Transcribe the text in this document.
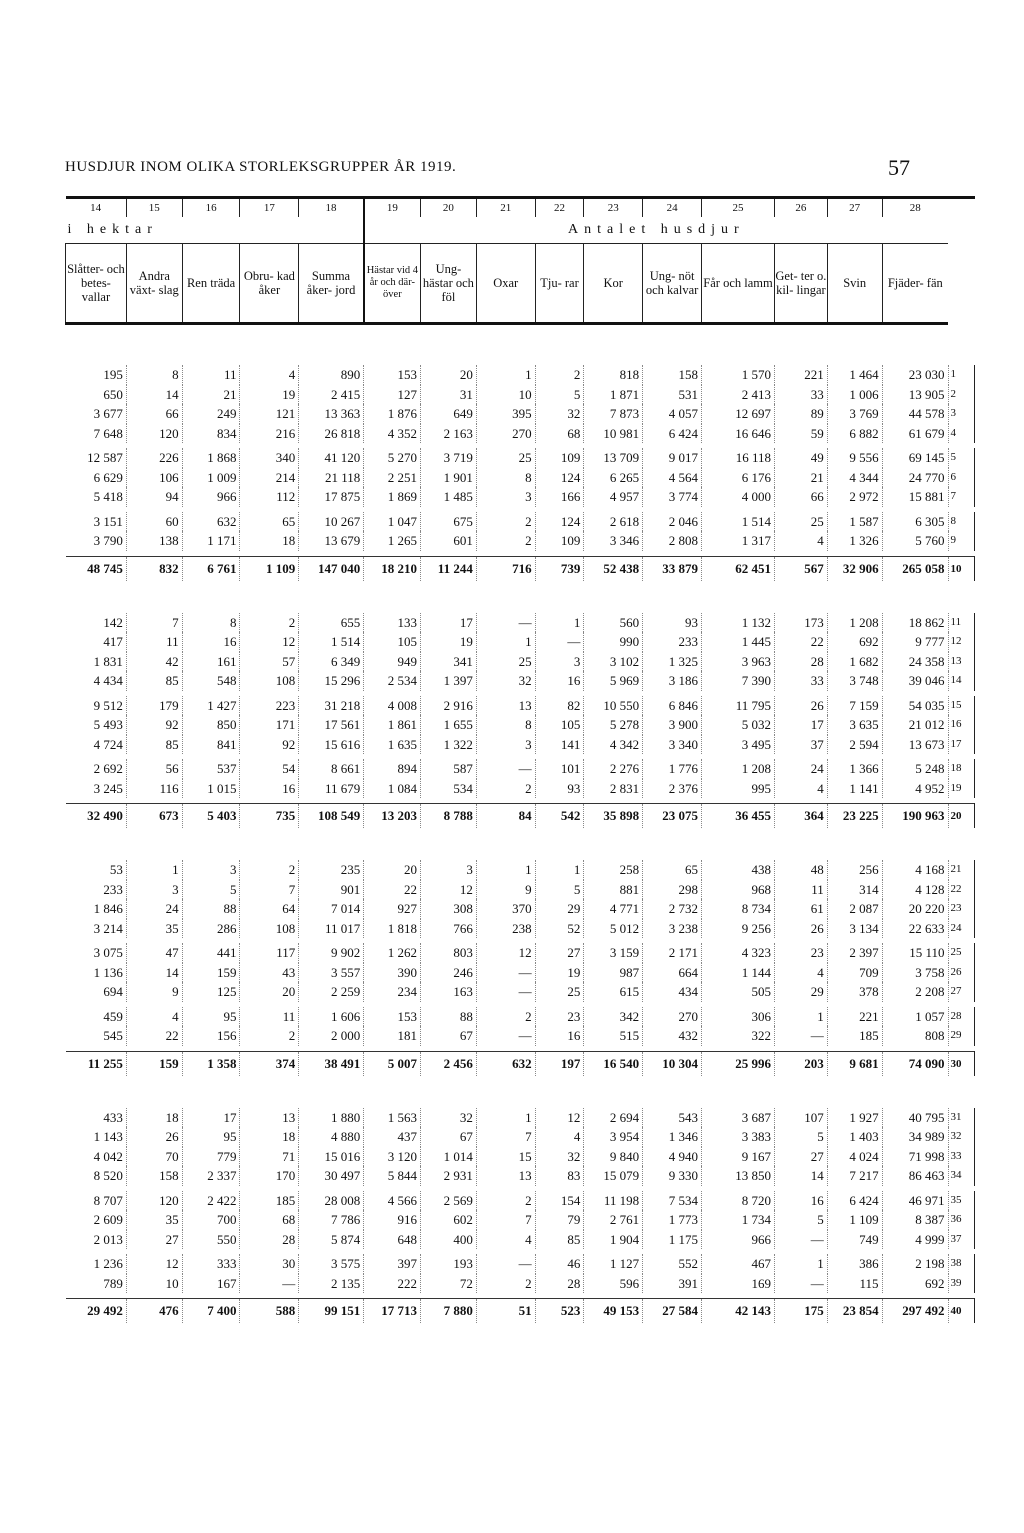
HUSDJUR INOM OLIKA STORLEKSGRUPPER ÅR 1919.	57

14	15	16	17	18	19	20	21	22	23	24	25	26	27	28	
i hektar					Antalet husdjur										
Slåtter- och betes- vallar	Andra växt- slag	Ren träda	Obru- kad åker	Summa åker- jord	Hästar vid 4 år och där- över	Ung- hästar och föl	Oxar	Tju- rar	Kor	Ung- nöt och kalvar	Får och lamm	Get- ter o. kil- lingar	Svin	Fjäder- fän	

195	8	11	4	890	153	20	1	2	818	158	1 570	221	1 464	23 030	1
650	14	21	19	2 415	127	31	10	5	1 871	531	2 413	33	1 006	13 905	2
3 677	66	249	121	13 363	1 876	649	395	32	7 873	4 057	12 697	89	3 769	44 578	3
7 648	120	834	216	26 818	4 352	2 163	270	68	10 981	6 424	16 646	59	6 882	61 679	4

12 587	226	1 868	340	41 120	5 270	3 719	25	109	13 709	9 017	16 118	49	9 556	69 145	5
6 629	106	1 009	214	21 118	2 251	1 901	8	124	6 265	4 564	6 176	21	4 344	24 770	6
5 418	94	966	112	17 875	1 869	1 485	3	166	4 957	3 774	4 000	66	2 972	15 881	7

3 151	60	632	65	10 267	1 047	675	2	124	2 618	2 046	1 514	25	1 587	6 305	8
3 790	138	1 171	18	13 679	1 265	601	2	109	3 346	2 808	1 317	4	1 326	5 760	9

48 745	832	6 761	1 109	147 040	18 210	11 244	716	739	52 438	33 879	62 451	567	32 906	265 058	10

142	7	8	2	655	133	17	—	1	560	93	1 132	173	1 208	18 862	11
417	11	16	12	1 514	105	19	1	—	990	233	1 445	22	692	9 777	12
1 831	42	161	57	6 349	949	341	25	3	3 102	1 325	3 963	28	1 682	24 358	13
4 434	85	548	108	15 296	2 534	1 397	32	16	5 969	3 186	7 390	33	3 748	39 046	14

9 512	179	1 427	223	31 218	4 008	2 916	13	82	10 550	6 846	11 795	26	7 159	54 035	15
5 493	92	850	171	17 561	1 861	1 655	8	105	5 278	3 900	5 032	17	3 635	21 012	16
4 724	85	841	92	15 616	1 635	1 322	3	141	4 342	3 340	3 495	37	2 594	13 673	17

2 692	56	537	54	8 661	894	587	—	101	2 276	1 776	1 208	24	1 366	5 248	18
3 245	116	1 015	16	11 679	1 084	534	2	93	2 831	2 376	995	4	1 141	4 952	19

32 490	673	5 403	735	108 549	13 203	8 788	84	542	35 898	23 075	36 455	364	23 225	190 963	20

53	1	3	2	235	20	3	1	1	258	65	438	48	256	4 168	21
233	3	5	7	901	22	12	9	5	881	298	968	11	314	4 128	22
1 846	24	88	64	7 014	927	308	370	29	4 771	2 732	8 734	61	2 087	20 220	23
3 214	35	286	108	11 017	1 818	766	238	52	5 012	3 238	9 256	26	3 134	22 633	24

3 075	47	441	117	9 902	1 262	803	12	27	3 159	2 171	4 323	23	2 397	15 110	25
1 136	14	159	43	3 557	390	246	—	19	987	664	1 144	4	709	3 758	26
694	9	125	20	2 259	234	163	—	25	615	434	505	29	378	2 208	27

459	4	95	11	1 606	153	88	2	23	342	270	306	1	221	1 057	28
545	22	156	2	2 000	181	67	—	16	515	432	322	—	185	808	29

11 255	159	1 358	374	38 491	5 007	2 456	632	197	16 540	10 304	25 996	203	9 681	74 090	30

433	18	17	13	1 880	1 563	32	1	12	2 694	543	3 687	107	1 927	40 795	31
1 143	26	95	18	4 880	437	67	7	4	3 954	1 346	3 383	5	1 403	34 989	32
4 042	70	779	71	15 016	3 120	1 014	15	32	9 840	4 940	9 167	27	4 024	71 998	33
8 520	158	2 337	170	30 497	5 844	2 931	13	83	15 079	9 330	13 850	14	7 217	86 463	34

8 707	120	2 422	185	28 008	4 566	2 569	2	154	11 198	7 534	8 720	16	6 424	46 971	35
2 609	35	700	68	7 786	916	602	7	79	2 761	1 773	1 734	5	1 109	8 387	36
2 013	27	550	28	5 874	648	400	4	85	1 904	1 175	966	—	749	4 999	37

1 236	12	333	30	3 575	397	193	—	46	1 127	552	467	1	386	2 198	38
789	10	167	—	2 135	222	72	2	28	596	391	169	—	115	692	39

29 492	476	7 400	588	99 151	17 713	7 880	51	523	49 153	27 584	42 143	175	23 854	297 492	40
